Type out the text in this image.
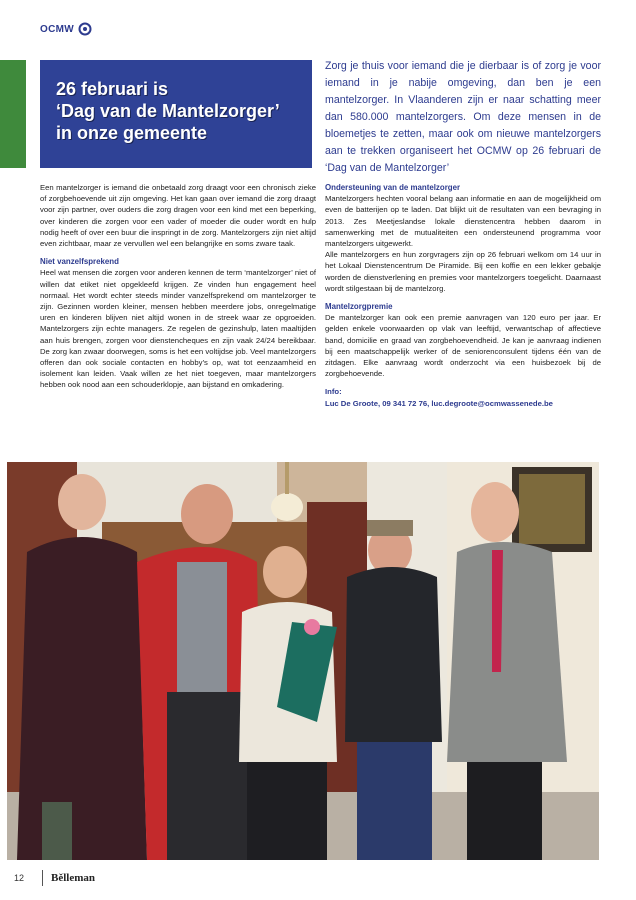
OCMW
26 februari is
‘Dag van de Mantelzorger’
in onze gemeente

Zorg je thuis voor iemand die je dierbaar is of zorg je voor iemand in je nabije omgeving, dan ben je een mantelzorger. In Vlaanderen zijn er naar schatting meer dan 580.000 mantelzorgers. Om deze mensen in de bloemetjes te zetten, maar ook om nieuwe mantelzorgers aan te trekken organiseert het OCMW op 26 februari de ‘Dag van de Mantelzorger’

Een mantelzorger is iemand die onbetaald zorg draagt voor een chronisch zieke of zorgbehoevende uit zijn omgeving. Het kan gaan over iemand die zorg draagt voor zijn partner, over ouders die zorg dragen voor een kind met een beperking, over kinderen die zorgen voor een vader of moeder die ouder wordt en hulp nodig heeft of over een buur die inspringt in de zorg. Mantelzorgers zijn niet altijd even zichtbaar, maar ze vervullen wel een belangrijke en soms zware taak.

Niet vanzelfsprekend

Heel wat mensen die zorgen voor anderen kennen de term ‘mantelzorger’ niet of willen dat etiket niet opgekleefd krijgen. Ze vinden hun engagement heel normaal. Het wordt echter steeds minder vanzelfsprekend om mantelzorger te zijn. Gezinnen worden kleiner, mensen hebben meerdere jobs, onregelmatige uren en kinderen blijven niet altijd wonen in de streek waar ze opgroeiden. Mantelzorgers zijn echte managers. Ze regelen de gezinshulp, laten maaltijden aan huis brengen, zorgen voor dienstencheques en zijn vaak 24/24 bereikbaar. De zorg kan zwaar doorwegen, soms is het een voltijdse job. Veel mantelzorgers offeren dan ook sociale contacten en hobby’s op, wat tot eenzaamheid en isolement kan leiden. Vaak willen ze het niet toegeven, maar mantelzorgers hebben ook nood aan een schouderklopje, aan bijstand en omkadering.

Ondersteuning van de mantelzorger

Mantelzorgers hechten vooral belang aan informatie en aan de mogelijkheid om even de batterijen op te laden. Dat blijkt uit de resultaten van een bevraging in 2013. Zes Meetjeslandse lokale dienstencentra hebben daarom in samenwerking met de mutualiteiten een ondersteunend programma voor mantelzorgers uitgewerkt.

Alle mantelzorgers en hun zorgvragers zijn op 26 februari welkom om 14 uur in het Lokaal Dienstencentrum De Piramide. Bij een koffie en een lekker gebakje worden de dienstverlening en premies voor mantelzorgers toegelicht. Daarnaast wordt stilgestaan bij de mantelzorg.

Mantelzorgpremie

De mantelzorger kan ook een premie aanvragen van 120 euro per jaar. Er gelden enkele voorwaarden op vlak van leeftijd, verwantschap of affectieve band, domicilie en graad van zorgbehoevendheid. Je kan je aanvraag indienen bij een maatschappelijk werker of de seniorenconsulent tijdens één van de zitdagen. Elke aanvraag wordt onderzocht via een huisbezoek bij de zorgbehoevende.

Info:
Luc De Groote, 09 341 72 76, luc.degroote@ocmwassenede.be
12 Bělleman
